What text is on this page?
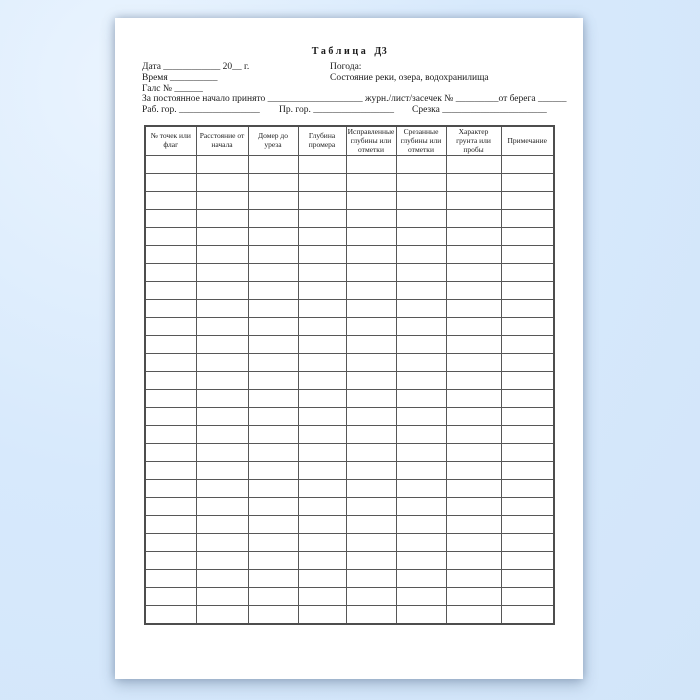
Таблица Д3
Дата ____________ 20__ г.	Погода:
Время __________	Состояние реки, озера, водохранилища
Галс № ______
За постоянное начало принято ____________________ журн./лист/засечек № _________от берега ______
Раб. гор. _________________ Пр. гор. _________________ Срезка ______________________
№ точек или флаг	Расстояние от начала	Домер до уреза	Глубина промера	Исправленные глубины или отметки	Срезанные глубины или отметки	Характер грунта или пробы	Примечание
